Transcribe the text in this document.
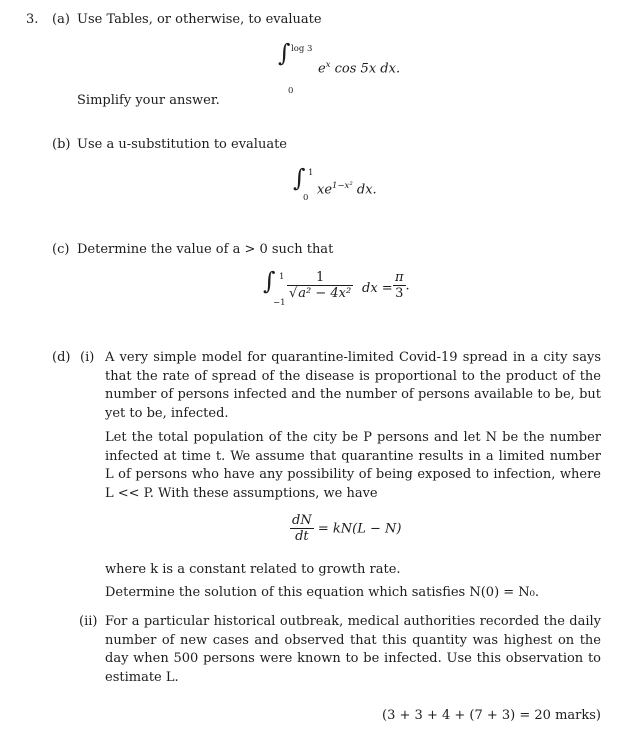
3. (a) Use Tables, or otherwise, to evaluate
∫ log 3
0
$e^x$ cos 5x dx.
Simplify your answer.
(b) Use a u-substitution to evaluate
∫ 1
0
$xe^{1-x^2}$ dx.
(c) Determine the value of a > 0 such that
∫ 1
−1
$\frac{1}{\text{√a² − 4x²}}$ dx = $\frac{\pi}{3}$ .
(d) (i) A very simple model for quarantine-limited Covid-19 spread in a city says that the rate of spread of the disease is proportional to the product of the number of persons infected and the number of persons available to be, but yet to be, infected.
Let the total population of the city be P persons and let N be the number infected at time t. We assume that quarantine results in a limited number L of persons who have any possibility of being exposed to infection, where L << P. With these assumptions, we have
$\frac{dN}{dt} = kN(L - N)$
where k is a constant related to growth rate.
Determine the solution of this equation which satisfies N(0) = N₀.
(ii) For a particular historical outbreak, medical authorities recorded the daily number of new cases and observed that this quantity was highest on the day when 500 persons were known to be infected. Use this observation to estimate L.
(3 + 3 + 4 + (7 + 3) = 20 marks)
